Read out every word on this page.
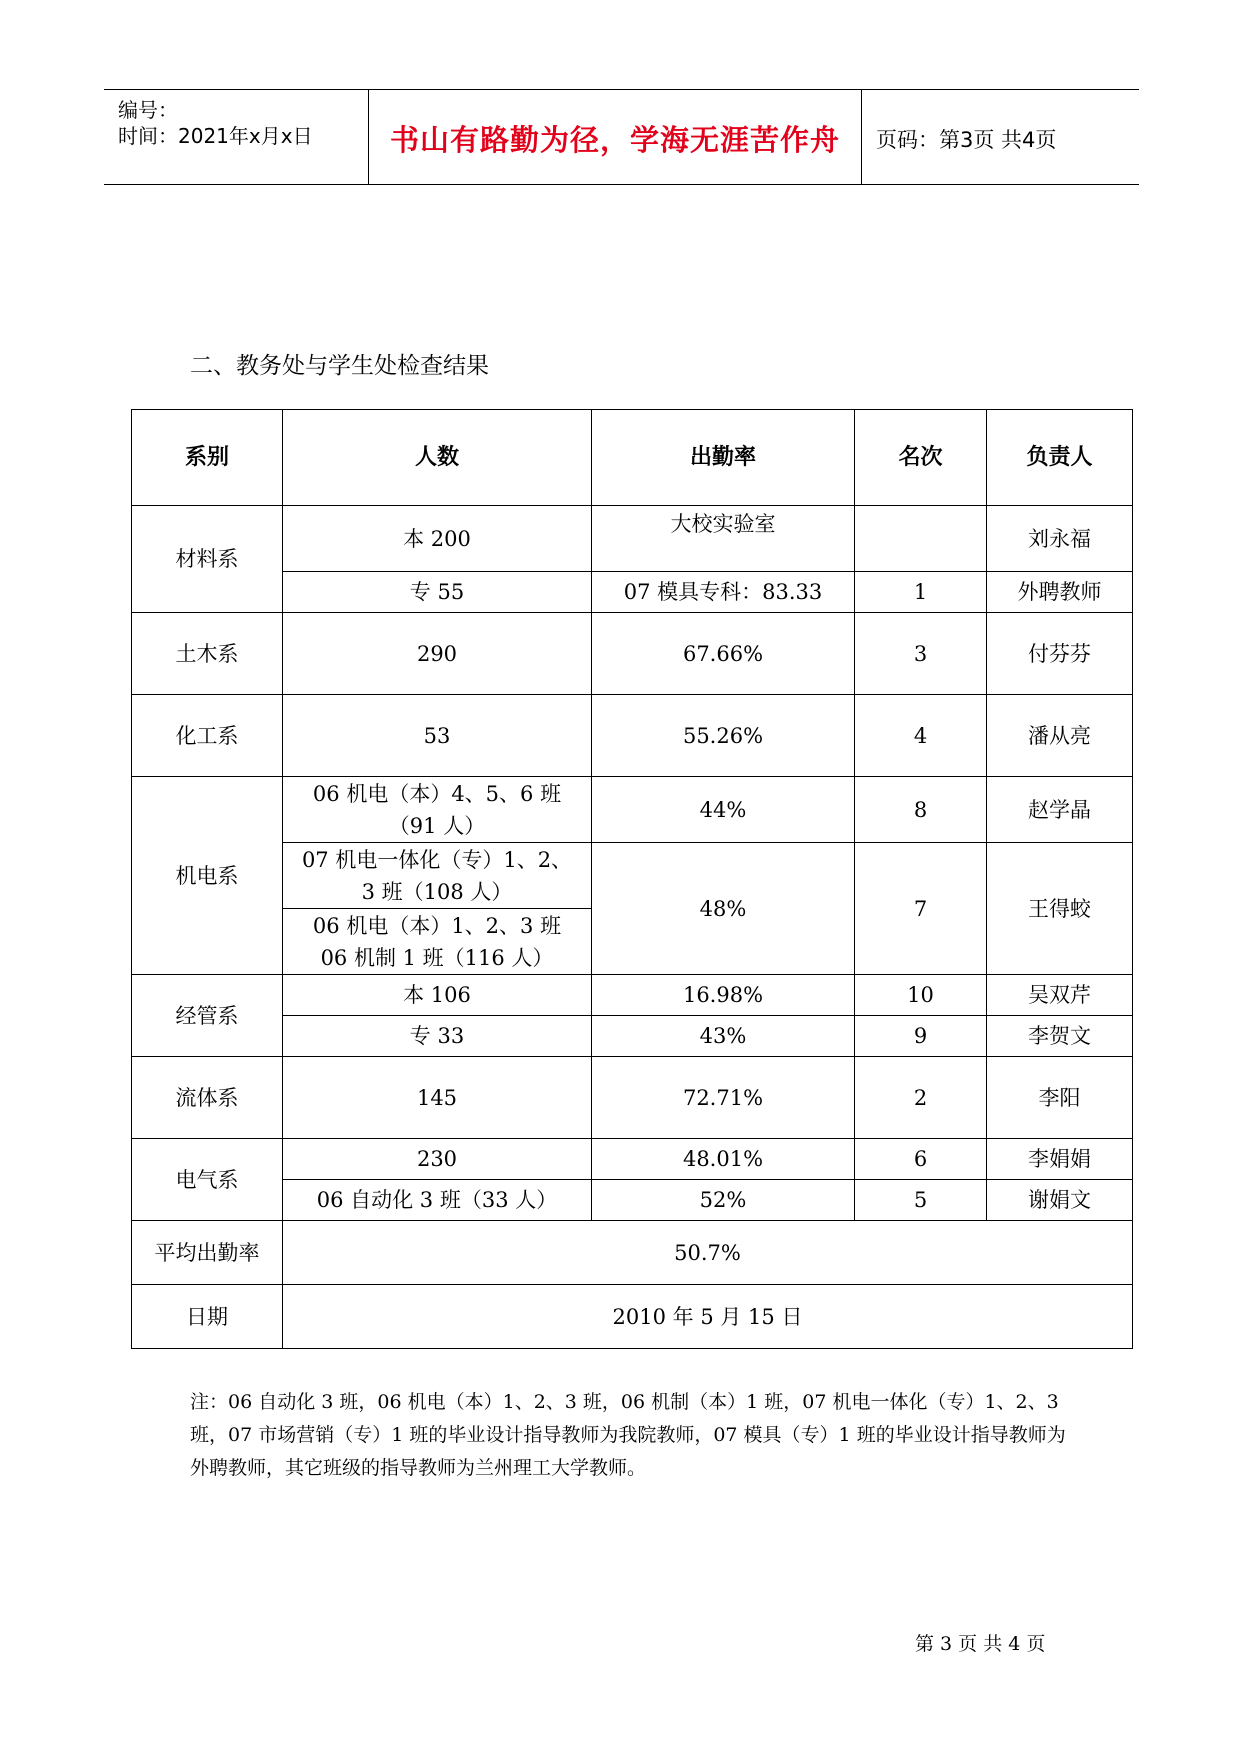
编号：
时间：2021年x月x日	书山有路勤为径，学海无涯苦作舟	页码：第3页 共4页
二、教务处与学生处检查结果
系别	人数	出勤率	名次	负责人
材料系	本 200	大校实验室		刘永福
	专 55	07 模具专科：83.33	1	外聘教师
土木系	290	67.66%	3	付芬芬
化工系	53	55.26%	4	潘从亮
机电系	06 机电（本）4、5、6 班
（91 人）	44%	8	赵学晶

	07 机电一体化（专）1、2、
3 班（108 人）	48%	7	王得蛟

	06 机电（本）1、2、3 班
06 机制 1 班（116 人）			

经管系	本 106	16.98%	10	吴双芹
	专 33	43%	9	李贺文
流体系	145	72.71%	2	李阳
电气系	230	48.01%	6	李娟娟
	06 自动化 3 班（33 人）	52%	5	谢娟文
平均出勤率	50.7%			
日期	2010 年 5 月 15 日			
注：06 自动化 3 班，06 机电（本）1、2、3 班，06 机制（本）1 班，07 机电一体化（专）1、2、3 班，07 市场营销（专）1 班的毕业设计指导教师为我院教师，07 模具（专）1 班的毕业设计指导教师为外聘教师，其它班级的指导教师为兰州理工大学教师。
第 3 页 共 4 页
